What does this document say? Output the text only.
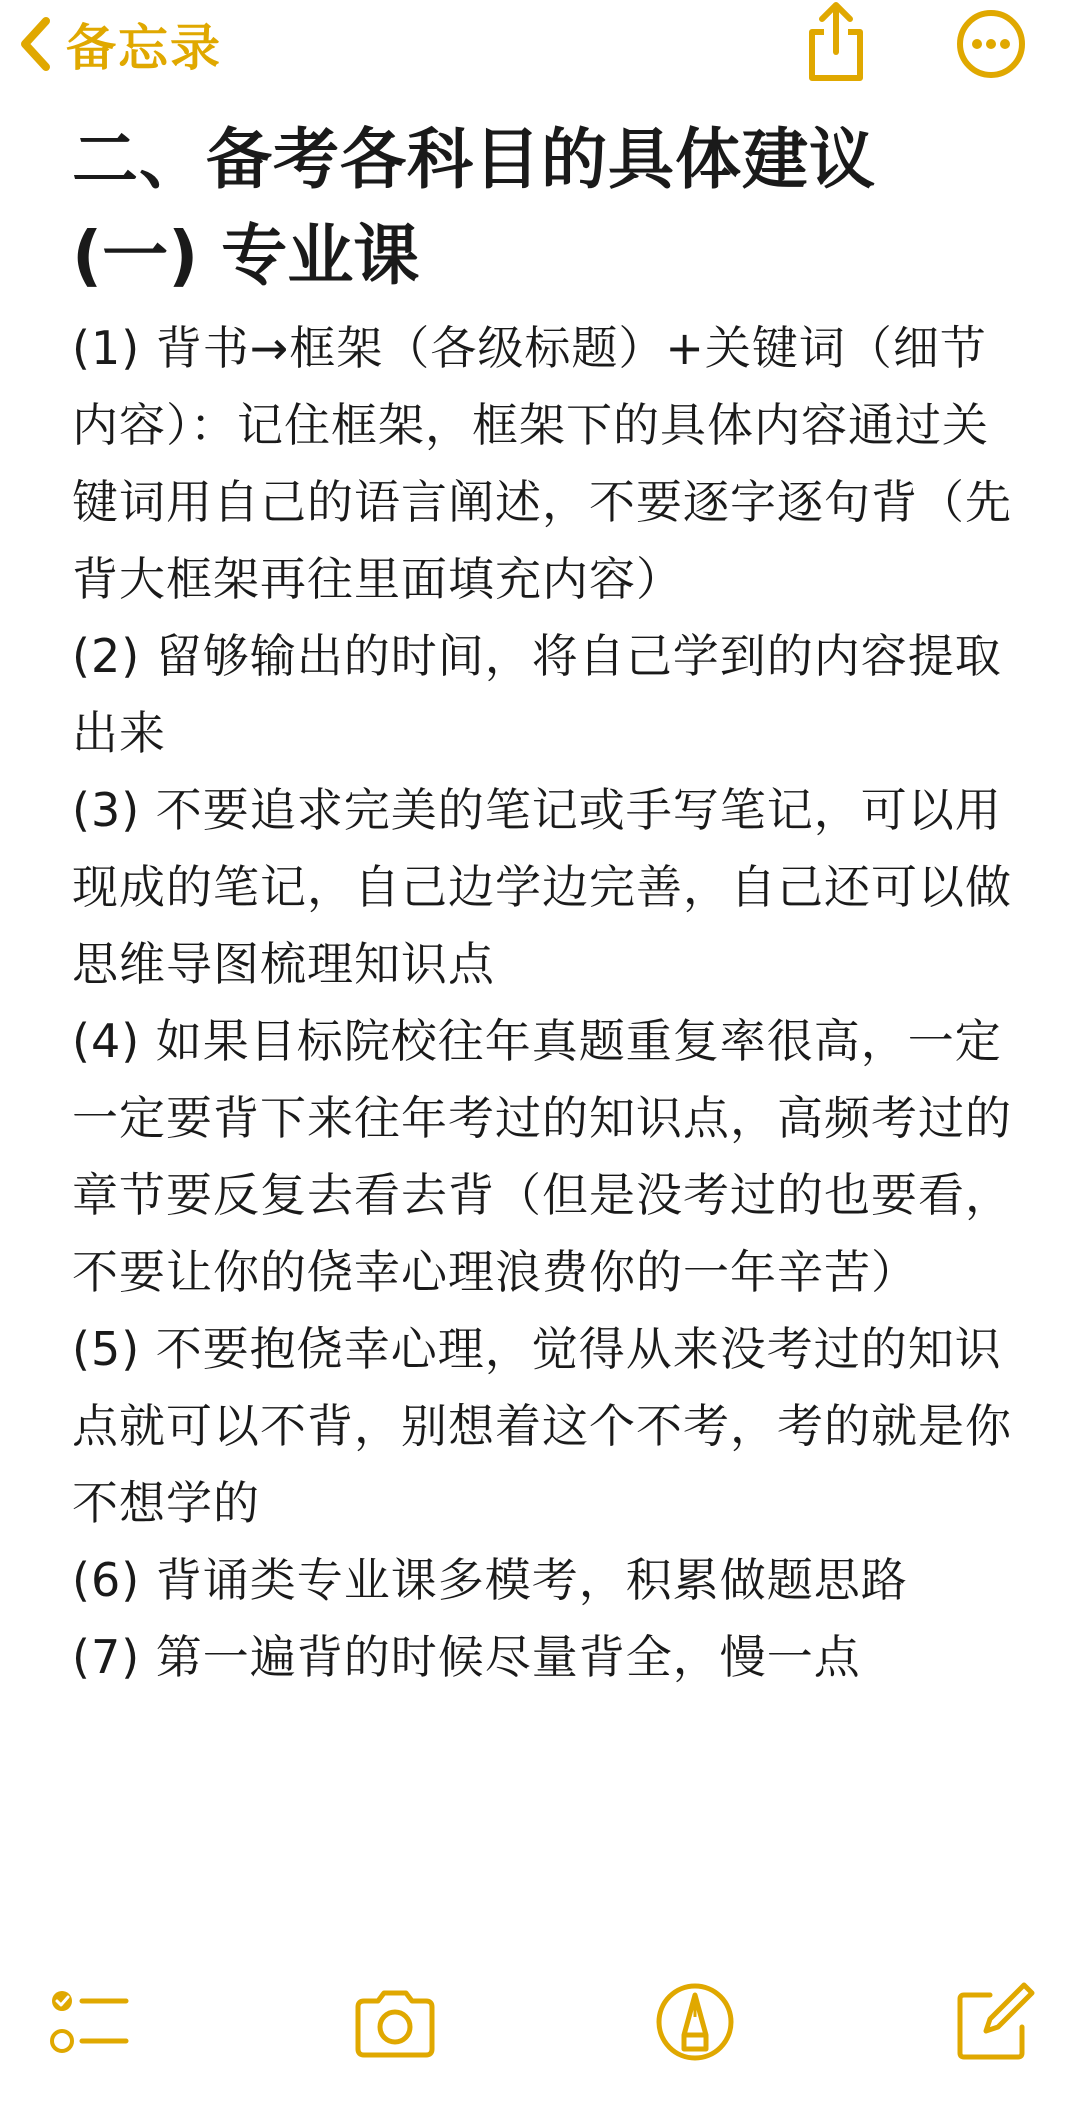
备忘录
二、备考各科目的具体建议
(一) 专业课

(1) 背书→框架（各级标题）+关键词（细节内容）：记住框架，框架下的具体内容通过关键词用自己的语言阐述，不要逐字逐句背（先背大框架再往里面填充内容）

(2) 留够输出的时间，将自己学到的内容提取出来

(3) 不要追求完美的笔记或手写笔记，可以用现成的笔记，自己边学边完善，自己还可以做思维导图梳理知识点

(4) 如果目标院校往年真题重复率很高，一定一定要背下来往年考过的知识点，高频考过的章节要反复去看去背（但是没考过的也要看，不要让你的侥幸心理浪费你的一年辛苦）

(5) 不要抱侥幸心理，觉得从来没考过的知识点就可以不背，别想着这个不考，考的就是你不想学的

(6) 背诵类专业课多模考，积累做题思路

(7) 第一遍背的时候尽量背全，慢一点
